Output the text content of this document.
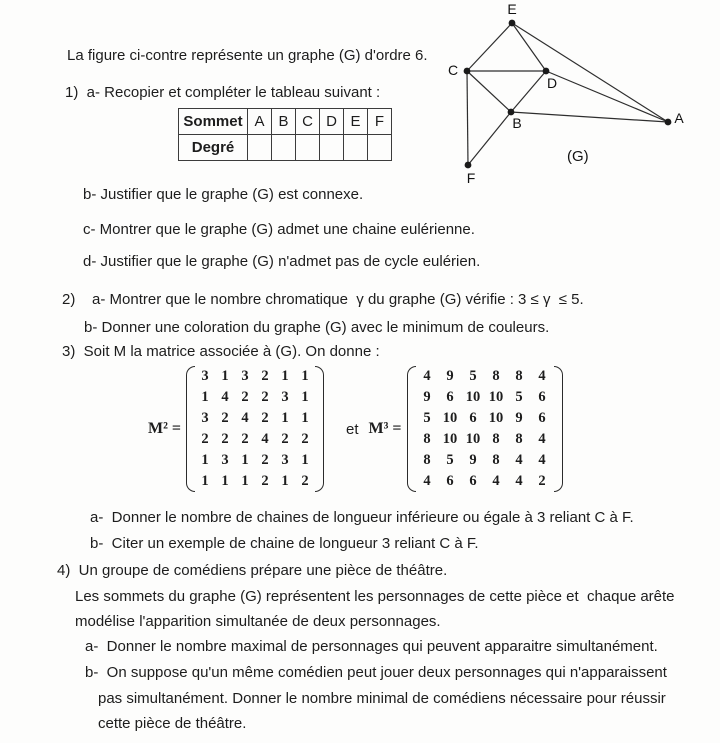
La figure ci-contre représente un graphe (G) d'ordre 6.
1)  a- Recopier et compléter le tableau suivant :
Sommet	A	B	C	D	E	F
Degré						
b- Justifier que le graphe (G) est connexe.
c- Montrer que le graphe (G) admet une chaine eulérienne.
d- Justifier que le graphe (G) n'admet pas de cycle eulérien.
2)    a- Montrer que le nombre chromatique  γ du graphe (G) vérifie : 3 ≤ γ  ≤ 5.
b- Donner une coloration du graphe (G) avec le minimum de couleurs.
3)  Soit M la matrice associée à (G). On donne :
M² =
3 1 3 2 1 1
1 4 2 2 3 1
3 2 4 2 1 1
2 2 2 4 2 2
1 3 1 2 3 1
1 1 1 2 1 2
et M³ =
4	9	5	8	8	4
9	6 10 10 5	6
5 10 6 10 9	6
8 10 10 8	8	4
8	5	9	8	4	4
4	6	6	4	4	2
a-  Donner le nombre de chaines de longueur inférieure ou égale à 3 reliant C à F.
b-  Citer un exemple de chaine de longueur 3 reliant C à F.
4)  Un groupe de comédiens prépare une pièce de théâtre.
Les sommets du graphe (G) représentent les personnages de cette pièce et  chaque arête
modélise l'apparition simultanée de deux personnages.
a-  Donner le nombre maximal de personnages qui peuvent apparaitre simultanément.
b-  On suppose qu'un même comédien peut jouer deux personnages qui n'apparaissent
pas simultanément. Donner le nombre minimal de comédiens nécessaire pour réussir
cette pièce de théâtre.
E
C
D
B	A
F
(G)
